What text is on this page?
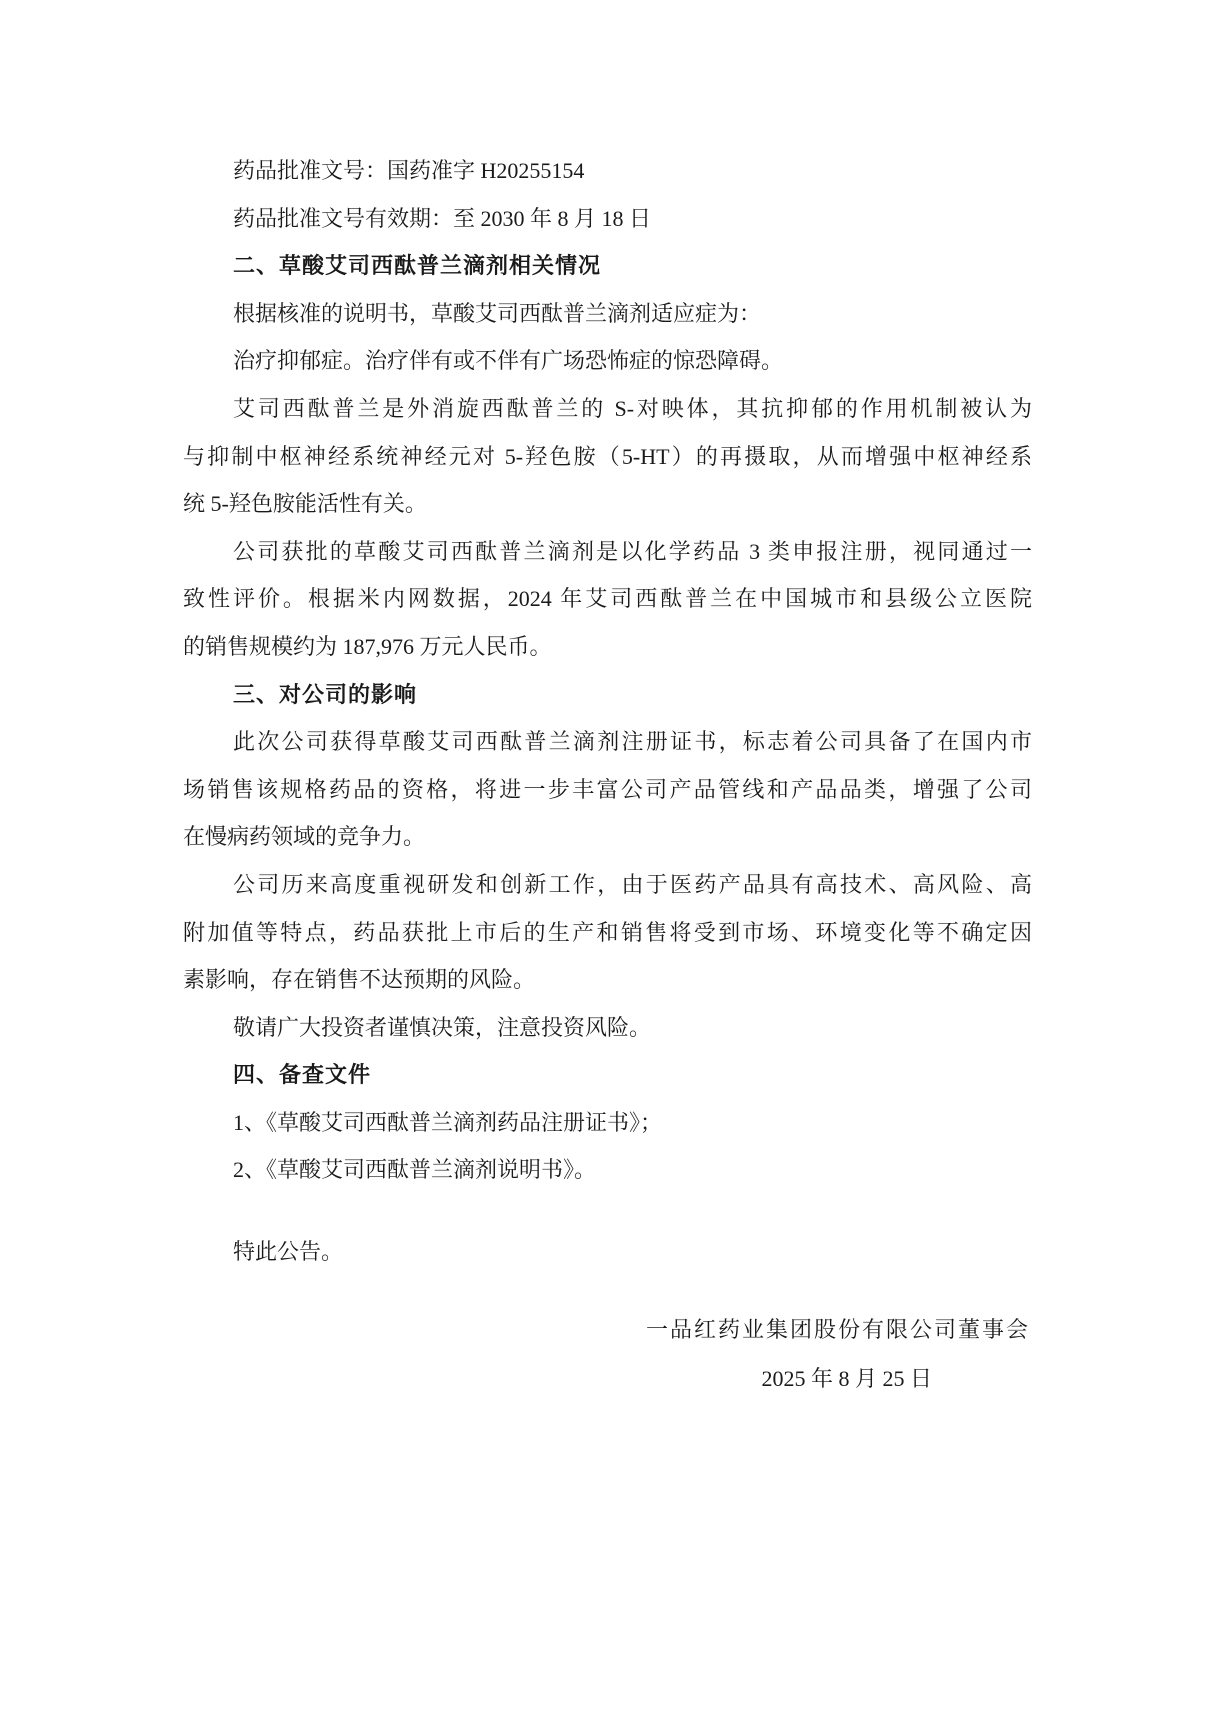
药品批准文号：国药准字 H20255154
药品批准文号有效期：至 2030 年 8 月 18 日
二、草酸艾司西酞普兰滴剂相关情况
根据核准的说明书，草酸艾司西酞普兰滴剂适应症为：
治疗抑郁症。治疗伴有或不伴有广场恐怖症的惊恐障碍。
艾司西酞普兰是外消旋西酞普兰的 S-对映体，其抗抑郁的作用机制被认为
与抑制中枢神经系统神经元对 5-羟色胺（5-HT）的再摄取，从而增强中枢神经系
统 5-羟色胺能活性有关。
公司获批的草酸艾司西酞普兰滴剂是以化学药品 3 类申报注册，视同通过一
致性评价。根据米内网数据，2024 年艾司西酞普兰在中国城市和县级公立医院
的销售规模约为 187,976 万元人民币。
三、对公司的影响
此次公司获得草酸艾司西酞普兰滴剂注册证书，标志着公司具备了在国内市
场销售该规格药品的资格，将进一步丰富公司产品管线和产品品类，增强了公司
在慢病药领域的竞争力。
公司历来高度重视研发和创新工作，由于医药产品具有高技术、高风险、高
附加值等特点，药品获批上市后的生产和销售将受到市场、环境变化等不确定因
素影响，存在销售不达预期的风险。
敬请广大投资者谨慎决策，注意投资风险。
四、备查文件
1、《草酸艾司西酞普兰滴剂药品注册证书》；
2、《草酸艾司西酞普兰滴剂说明书》。
特此公告。
一品红药业集团股份有限公司董事会
2025 年 8 月 25 日
